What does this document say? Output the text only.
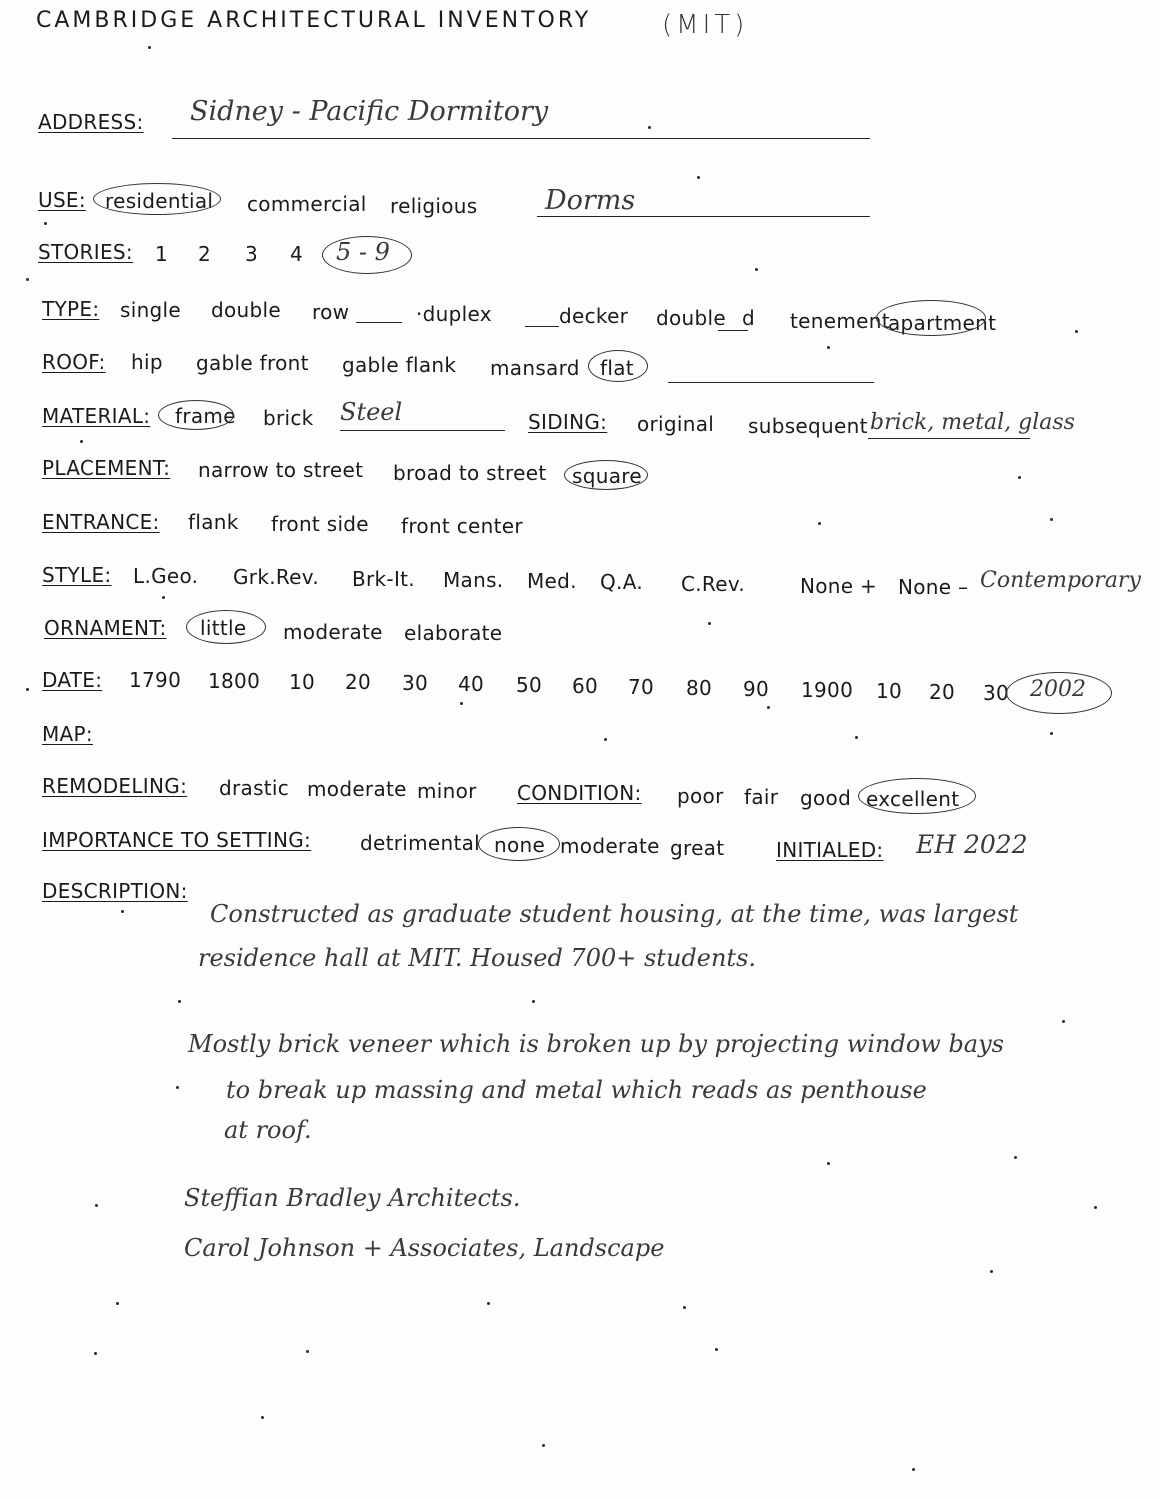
CAMBRIDGE ARCHITECTURAL INVENTORY	(MIT)
ADDRESS: Sidney - Pacific Dormitory
USE: residential commercial religious	Dorms
STORIES: 1 2 3 4 5 - 9
TYPE: single double row	·duplex	decker double d tenement
apartment
ROOF: hip gable front gable flank mansard flat
MATERIAL: frame brick Steel	SIDING: original subsequent brick, metal, glass
PLACEMENT: narrow to street broad to street square
ENTRANCE: flank front side front center
STYLE: L.Geo. Grk.Rev. Brk-It. Mans. Med. Q.A. C.Rev.	None + None – Contemporary
ORNAMENT: little moderate elaborate
DATE: 1790 1800 10 20 30 40 50 60 70 80 90 1900 10 20 30 2002
MAP:
REMODELING: drastic moderate minor CONDITION: poor fair good excellent
IMPORTANCE TO SETTING: detrimental none moderate great	INITIALED: EH 2022
DESCRIPTION:
Constructed as graduate student housing, at the time, was largest
residence hall at MIT. Housed 700+ students.
Mostly brick veneer which is broken up by projecting window bays
to break up massing and metal which reads as penthouse
at roof.
Steffian Bradley Architects.
Carol Johnson + Associates, Landscape
